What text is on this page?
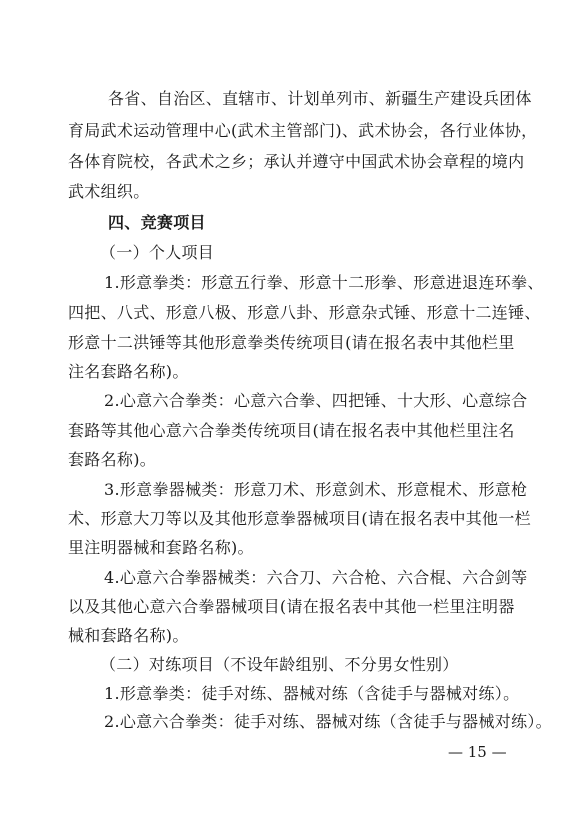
各省、自治区、直辖市、计划单列市、新疆生产建设兵团体
育局武术运动管理中心(武术主管部门)、武术协会，各行业体协，
各体育院校，各武术之乡；承认并遵守中国武术协会章程的境内
武术组织。
四、竞赛项目
（一）个人项目
1.形意拳类：形意五行拳、形意十二形拳、形意进退连环拳、
四把、八式、形意八极、形意八卦、形意杂式锤、形意十二连锤、
形意十二洪锤等其他形意拳类传统项目(请在报名表中其他栏里
注名套路名称)。
2.心意六合拳类：心意六合拳、四把锤、十大形、心意综合
套路等其他心意六合拳类传统项目(请在报名表中其他栏里注名
套路名称)。
3.形意拳器械类：形意刀术、形意剑术、形意棍术、形意枪
术、形意大刀等以及其他形意拳器械项目(请在报名表中其他一栏
里注明器械和套路名称)。
4.心意六合拳器械类：六合刀、六合枪、六合棍、六合剑等
以及其他心意六合拳器械项目(请在报名表中其他一栏里注明器
械和套路名称)。
（二）对练项目（不设年龄组别、不分男女性别）
1.形意拳类：徒手对练、器械对练（含徒手与器械对练）。
2.心意六合拳类：徒手对练、器械对练（含徒手与器械对练）。
— 15 —
